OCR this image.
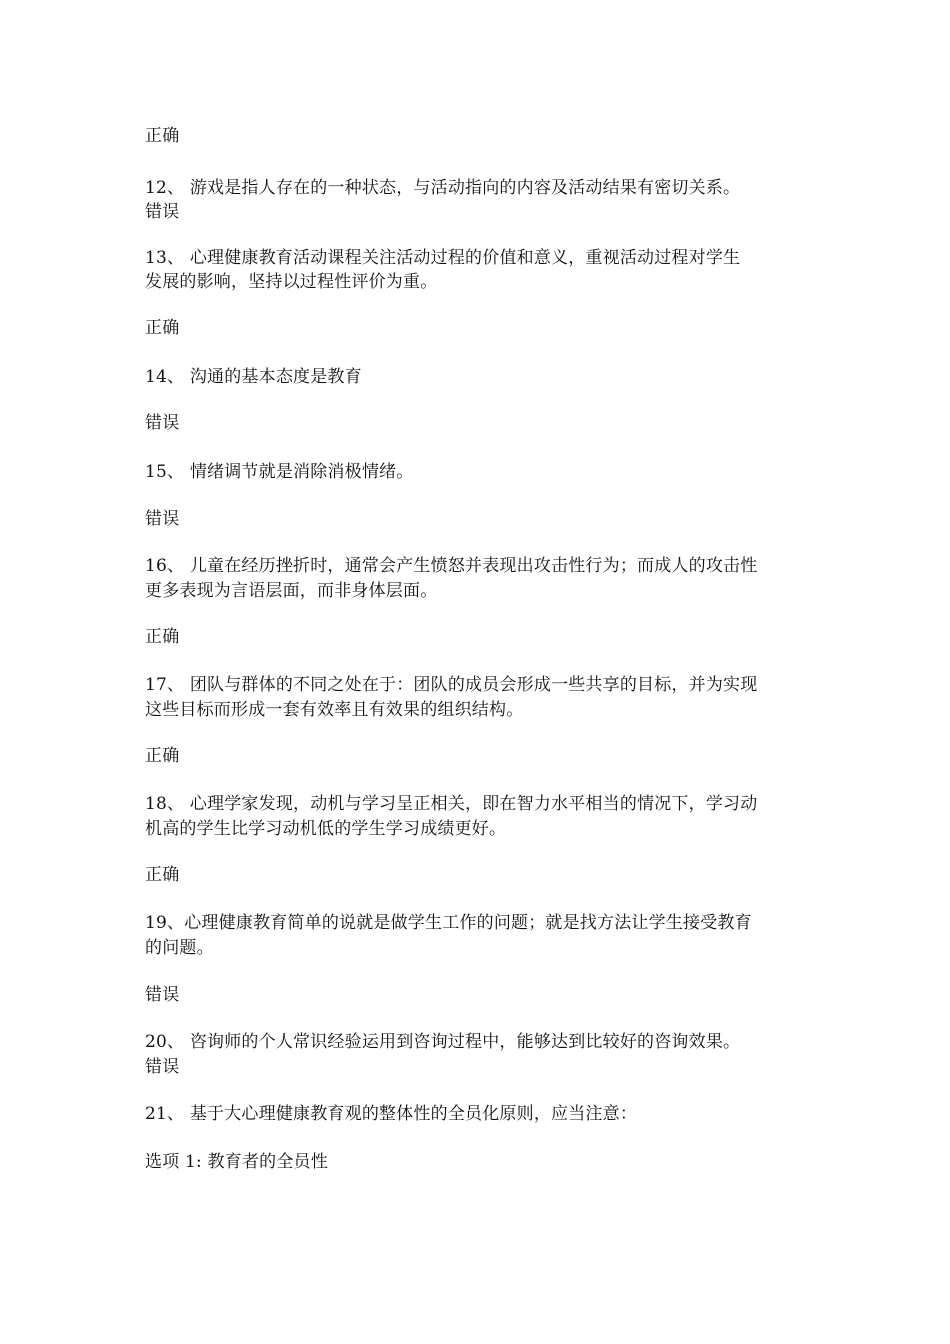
正确
12、 游戏是指人存在的一种状态，与活动指向的内容及活动结果有密切关系。
错误
13、 心理健康教育活动课程关注活动过程的价值和意义，重视活动过程对学生
发展的影响，坚持以过程性评价为重。
正确
14、 沟通的基本态度是教育
错误
15、 情绪调节就是消除消极情绪。
错误
16、 儿童在经历挫折时，通常会产生愤怒并表现出攻击性行为；而成人的攻击性
更多表现为言语层面，而非身体层面。
正确
17、 团队与群体的不同之处在于：团队的成员会形成一些共享的目标，并为实现
这些目标而形成一套有效率且有效果的组织结构。
正确
18、 心理学家发现，动机与学习呈正相关，即在智力水平相当的情况下，学习动
机高的学生比学习动机低的学生学习成绩更好。
正确
19、心理健康教育简单的说就是做学生工作的问题；就是找方法让学生接受教育
的问题。
错误
20、 咨询师的个人常识经验运用到咨询过程中，能够达到比较好的咨询效果。
错误
21、 基于大心理健康教育观的整体性的全员化原则，应当注意：
选项 1: 教育者的全员性
